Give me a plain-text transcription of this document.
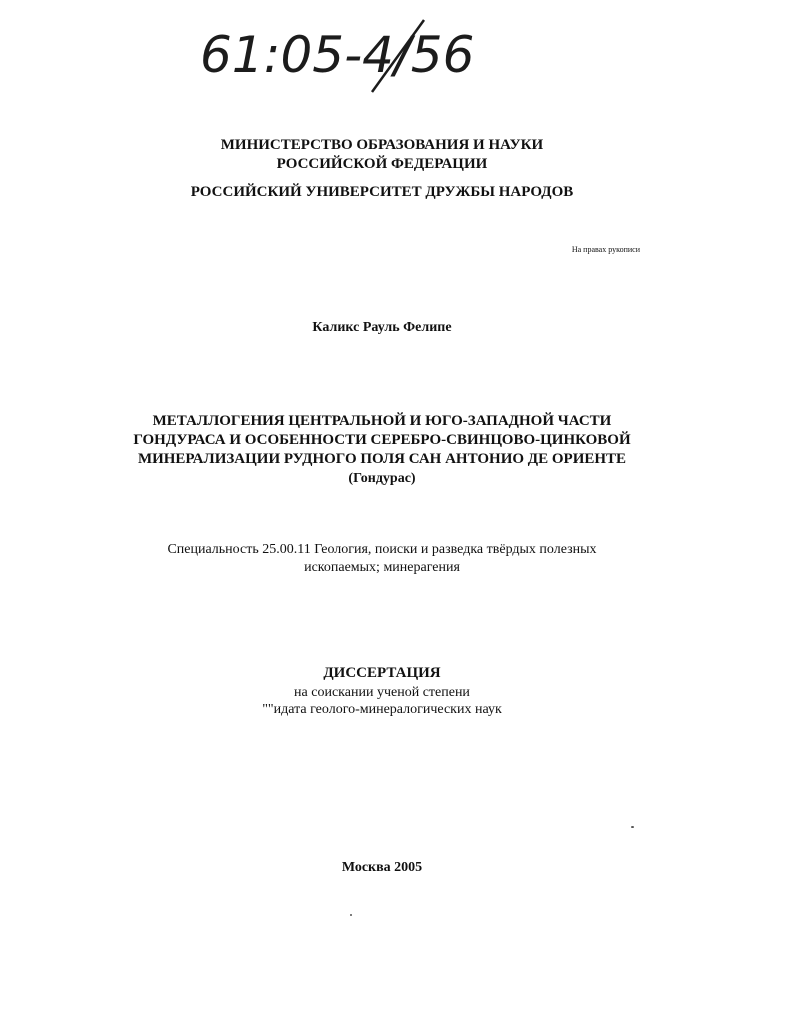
61:05-4/56
МИНИСТЕРСТВО ОБРАЗОВАНИЯ И НАУКИ
РОССИЙСКОЙ ФЕДЕРАЦИИ
РОССИЙСКИЙ УНИВЕРСИТЕТ ДРУЖБЫ НАРОДОВ
На правах рукописи
Каликс Рауль Фелипе
МЕТАЛЛОГЕНИЯ ЦЕНТРАЛЬНОЙ И ЮГО-ЗАПАДНОЙ ЧАСТИ
ГОНДУРАСА И ОСОБЕННОСТИ СЕРЕБРО-СВИНЦОВО-ЦИНКОВОЙ
МИНЕРАЛИЗАЦИИ РУДНОГО ПОЛЯ САН АНТОНИО ДЕ ОРИЕНТЕ
(Гондурас)
Специальность 25.00.11 Геология, поиски и разведка твёрдых полезных
ископаемых; минерагения
ДИССЕРТАЦИЯ
на соискании ученой степени
""идата геолого-минералогических наук
Москва 2005
